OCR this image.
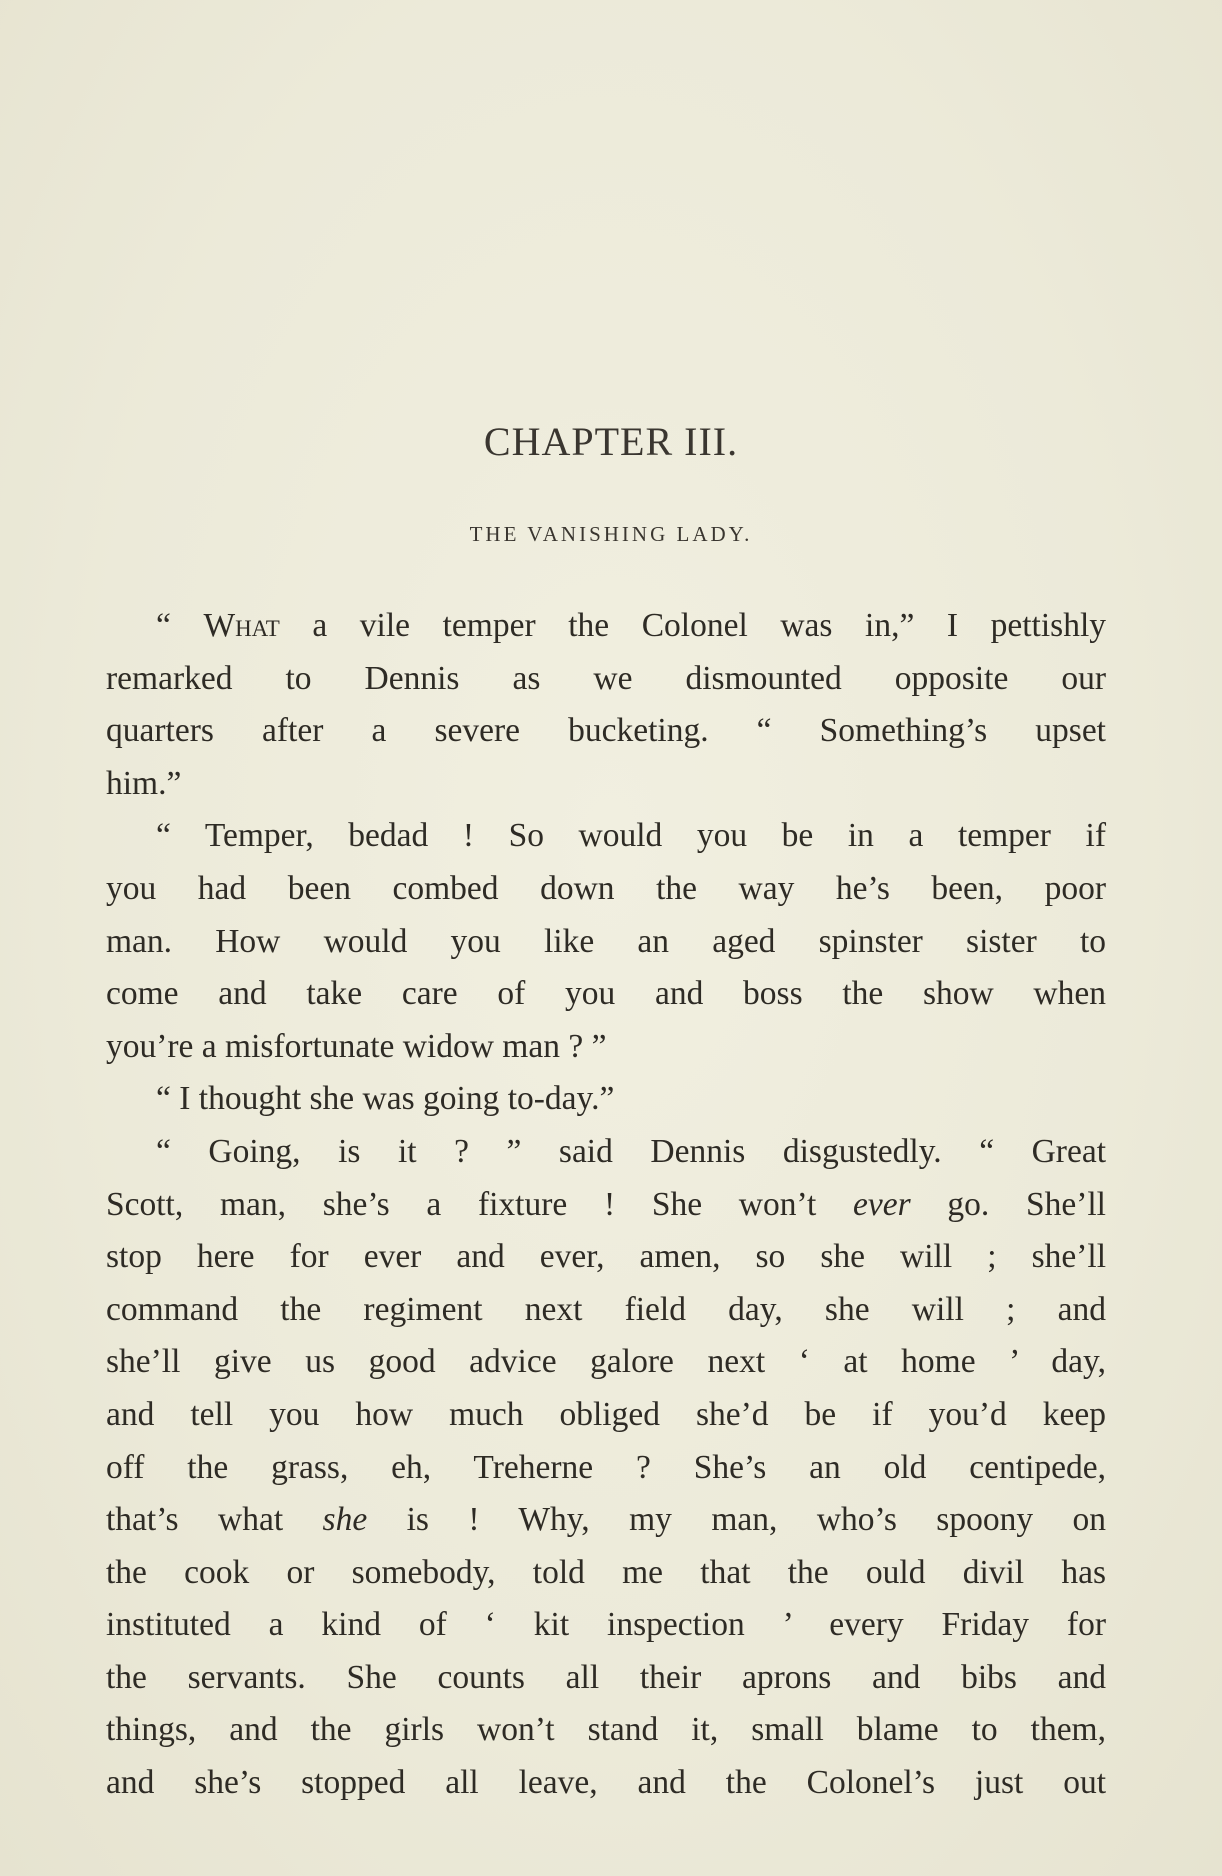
CHAPTER III.
THE VANISHING LADY.
“ What a vile temper the Colonel was in,” I pettishly
remarked to Dennis as we dismounted opposite our
quarters after a severe bucketing. “ Something’s upset
him.”
“ Temper, bedad ! So would you be in a temper if
you had been combed down the way he’s been, poor
man. How would you like an aged spinster sister to
come and take care of you and boss the show when
you’re a misfortunate widow man ? ”
“ I thought she was going to-day.”
“ Going, is it ? ” said Dennis disgustedly. “ Great
Scott, man, she’s a fixture ! She won’t ever go. She’ll
stop here for ever and ever, amen, so she will ; she’ll
command the regiment next field day, she will ; and
she’ll give us good advice galore next ‘ at home ’ day,
and tell you how much obliged she’d be if you’d keep
off the grass, eh, Treherne ? She’s an old centipede,
that’s what she is ! Why, my man, who’s spoony on
the cook or somebody, told me that the ould divil has
instituted a kind of ‘ kit inspection ’ every Friday for
the servants. She counts all their aprons and bibs and
things, and the girls won’t stand it, small blame to them,
and she’s stopped all leave, and the Colonel’s just out
